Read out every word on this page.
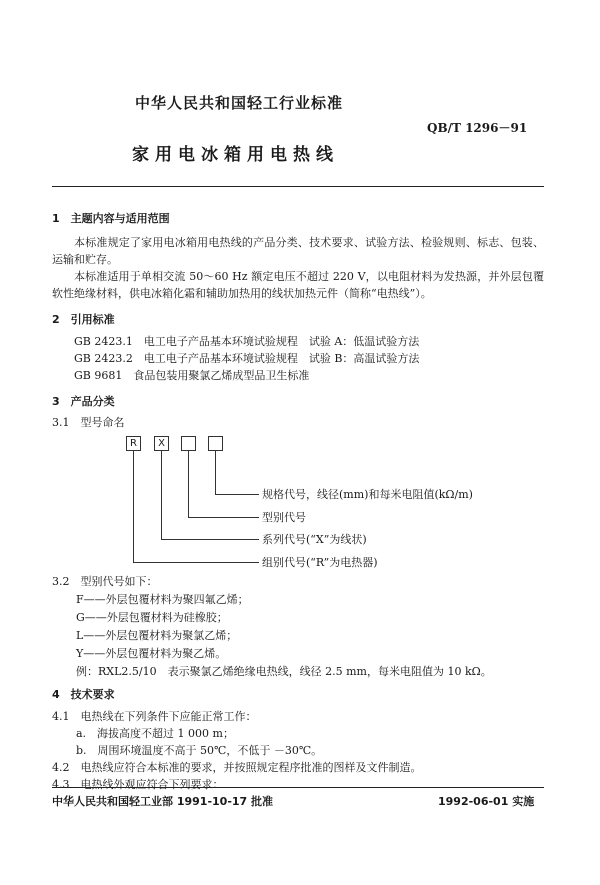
中华人民共和国轻工行业标准
QB/T 1296－91
家用电冰箱用电热线
1　主题内容与适用范围
本标准规定了家用电冰箱用电热线的产品分类、技术要求、试验方法、检验规则、标志、包装、运输和贮存。
本标准适用于单相交流 50～60 Hz 额定电压不超过 220 V，以电阻材料为发热源，并外层包覆软性绝缘材料，供电冰箱化霜和辅助加热用的线状加热元件（简称“电热线”）。
2　引用标准
GB 2423.1　电工电子产品基本环境试验规程　试验 A：低温试验方法
GB 2423.2　电工电子产品基本环境试验规程　试验 B：高温试验方法
GB 9681　食品包装用聚氯乙烯成型品卫生标准
3　产品分类
3.1　型号命名
R	X
规格代号，线径(mm)和每米电阻值(kΩ/m)
型别代号
系列代号(“X”为线状)
组别代号(“R”为电热器)
3.2　型别代号如下：
F——外层包覆材料为聚四氟乙烯；
G——外层包覆材料为硅橡胶；
L——外层包覆材料为聚氯乙烯；
Y——外层包覆材料为聚乙烯。
例：RXL2.5/10　表示聚氯乙烯绝缘电热线，线径 2.5 mm，每米电阻值为 10 kΩ。
4　技术要求
4.1　电热线在下列条件下应能正常工作：
a.　海拔高度不超过 1 000 m；
b.　周围环境温度不高于 50℃，不低于 －30℃。
4.2　电热线应符合本标准的要求，并按照规定程序批准的图样及文件制造。
4.3　电热线外观应符合下列要求：
中华人民共和国轻工业部 1991-10-17 批准	1992-06-01 实施
